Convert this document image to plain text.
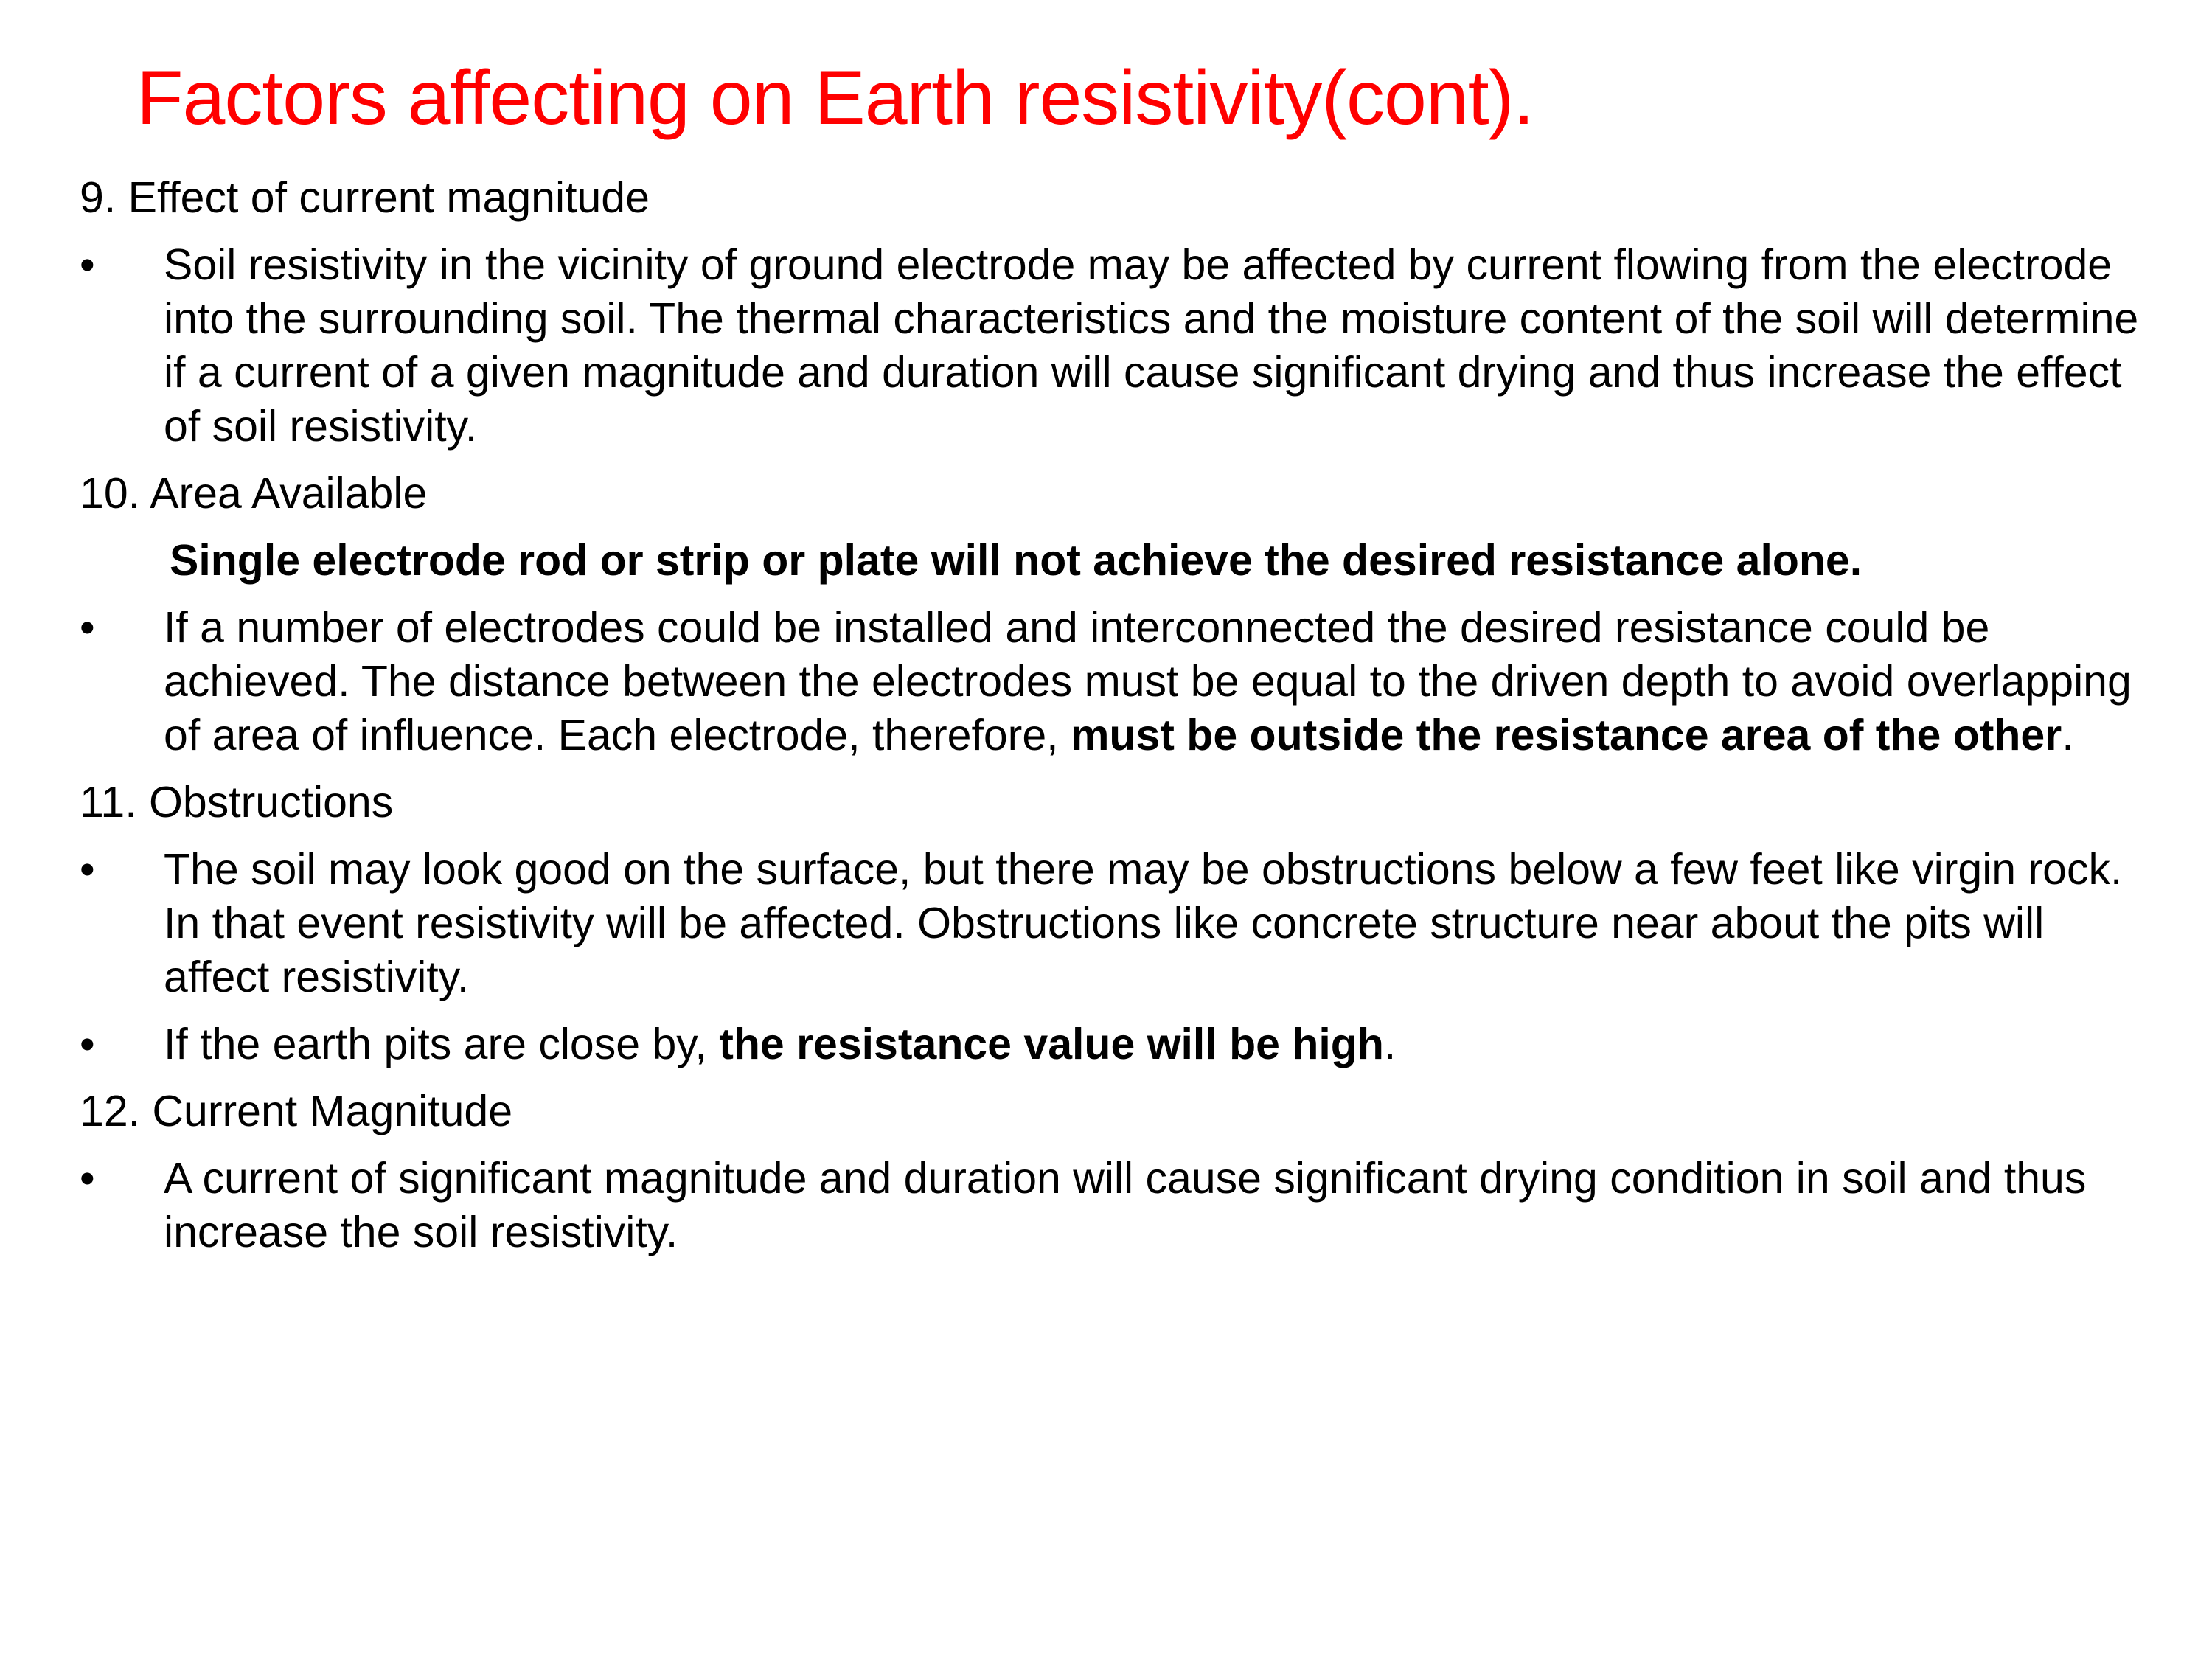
Factors affecting on Earth resistivity(cont).
9. Effect of current magnitude
•	Soil resistivity in the vicinity of ground electrode may be affected by current flowing from the electrode into the surrounding soil. The thermal characteristics and the moisture content of the soil will determine if a current of a given magnitude and duration will cause significant drying and thus increase the effect of soil resistivity.
10. Area Available
Single electrode rod or strip or plate will not achieve the desired resistance alone.
•	If a number of electrodes could be installed and interconnected the desired resistance could be achieved. The distance between the electrodes must be equal to the driven depth to avoid overlapping of area of influence. Each electrode, therefore, must be outside the resistance area of the other.
11. Obstructions
•	The soil may look good on the surface, but there may be obstructions below a few feet like virgin rock. In that event resistivity will be affected. Obstructions like concrete structure near about the pits will affect resistivity.
•	If the earth pits are close by, the resistance value will be high.
12. Current Magnitude
•	A current of significant magnitude and duration will cause significant drying condition in soil and thus increase the soil resistivity.
